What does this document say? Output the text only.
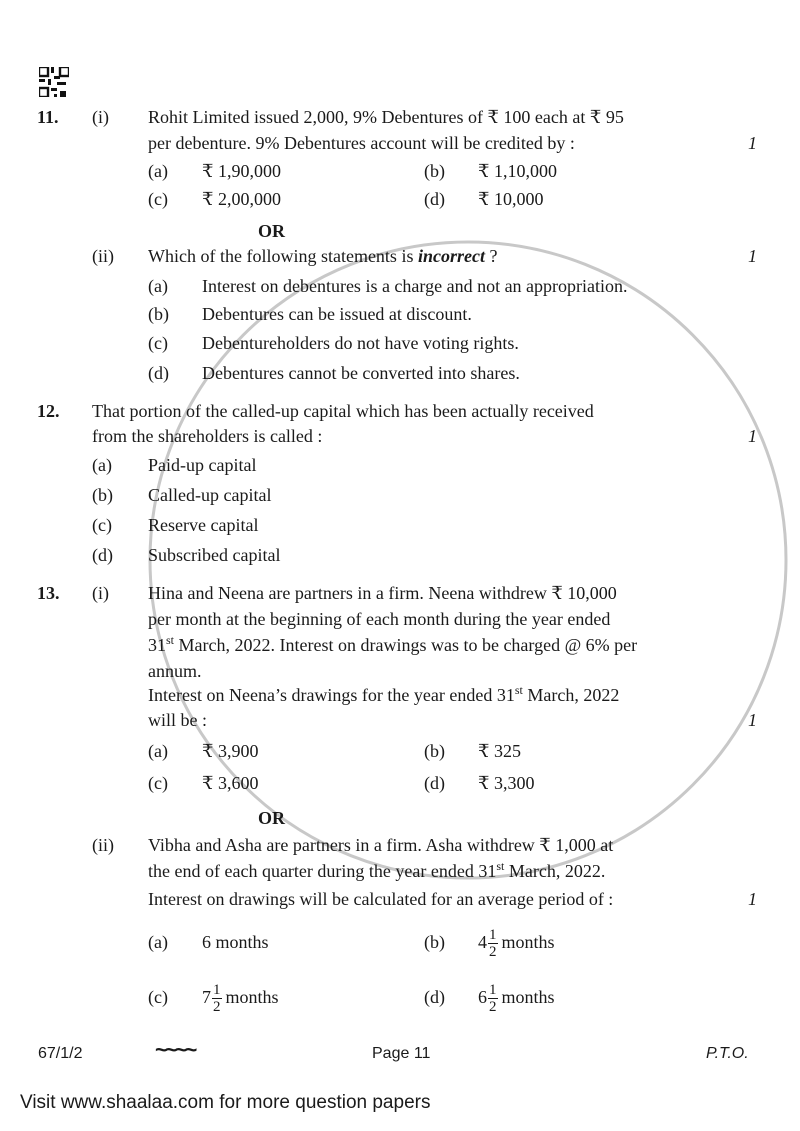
11. (i) Rohit Limited issued 2,000, 9% Debentures of ₹ 100 each at ₹ 95
per debenture. 9% Debentures account will be credited by :	1
(a) ₹ 1,90,000	(b) ₹ 1,10,000
(c) ₹ 2,00,000	(d) ₹ 10,000
OR
(ii) Which of the following statements is incorrect ?	1
(a) Interest on debentures is a charge and not an appropriation.
(b) Debentures can be issued at discount.
(c) Debentureholders do not have voting rights.
(d) Debentures cannot be converted into shares.
12. That portion of the called-up capital which has been actually received
from the shareholders is called :	1
(a) Paid-up capital
(b) Called-up capital
(c) Reserve capital
(d) Subscribed capital
13. (i) Hina and Neena are partners in a firm. Neena withdrew ₹ 10,000
per month at the beginning of each month during the year ended
31st March, 2022. Interest on drawings was to be charged @ 6% per
annum.
Interest on Neena’s drawings for the year ended 31st March, 2022
will be :	1
(a) ₹ 3,900	(b) ₹ 325
(c) ₹ 3,600	(d) ₹ 3,300
OR
(ii) Vibha and Asha are partners in a firm. Asha withdrew ₹ 1,000 at
the end of each quarter during the year ended 31st March, 2022.
Interest on drawings will be calculated for an average period of :	1
(a) 6 months	(b) $4 \frac{1}{2}$ months
(c) $7 \frac{1}{2}$ months	(d) $6 \frac{1}{2}$ months
67/1/2	~~~~	Page 11	P.T.O.
Visit www.shaalaa.com for more question papers
